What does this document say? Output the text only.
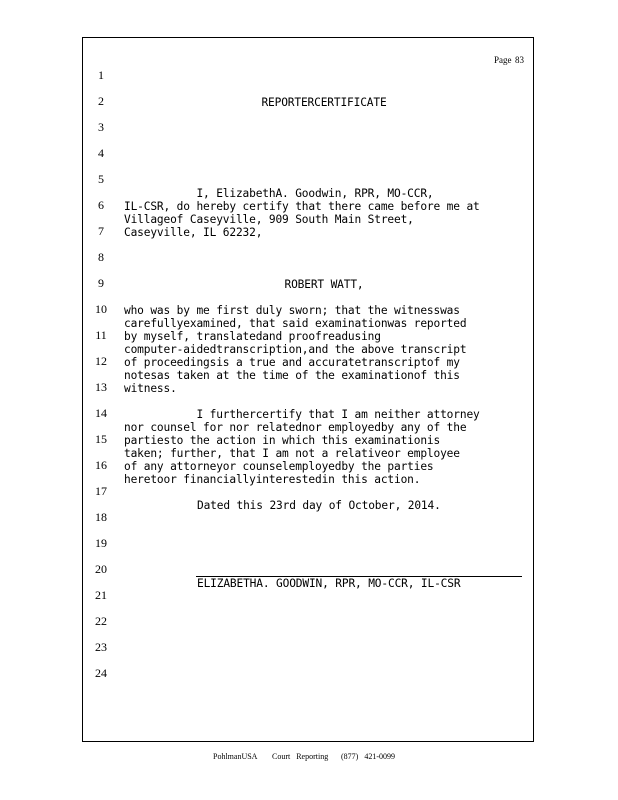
Page 83
1
2
3
4
5
6
7
8
9
10
11
12
13
14
15
16
17
18
19
20
21
22
23
24
REPORTERCERTIFICATE
I, ElizabethA. Goodwin, RPR, MO-CCR,
IL-CSR, do hereby certify that there came before me at
Villageof Caseyville, 909 South Main Street,
Caseyville, IL 62232,
ROBERT WATT,
who was by me first duly sworn; that the witnesswas
carefullyexamined, that said examinationwas reported
by myself, translatedand proofreadusing
computer-aidedtranscription,and the above transcript
of proceedingsis a true and accuratetranscriptof my
notesas taken at the time of the examinationof this
witness.
I furthercertify that I am neither attorney
nor counsel for nor relatednor employedby any of the
partiesto the action in which this examinationis
taken; further, that I am not a relativeor employee
of any attorneyor counselemployedby the parties
heretoor financiallyinterestedin this action.
Dated this 23rd day of October, 2014.
ELIZABETHA. GOODWIN, RPR, MO-CCR, IL-CSR
PohlmanUSA Court   Reporting (877)   421-0099
